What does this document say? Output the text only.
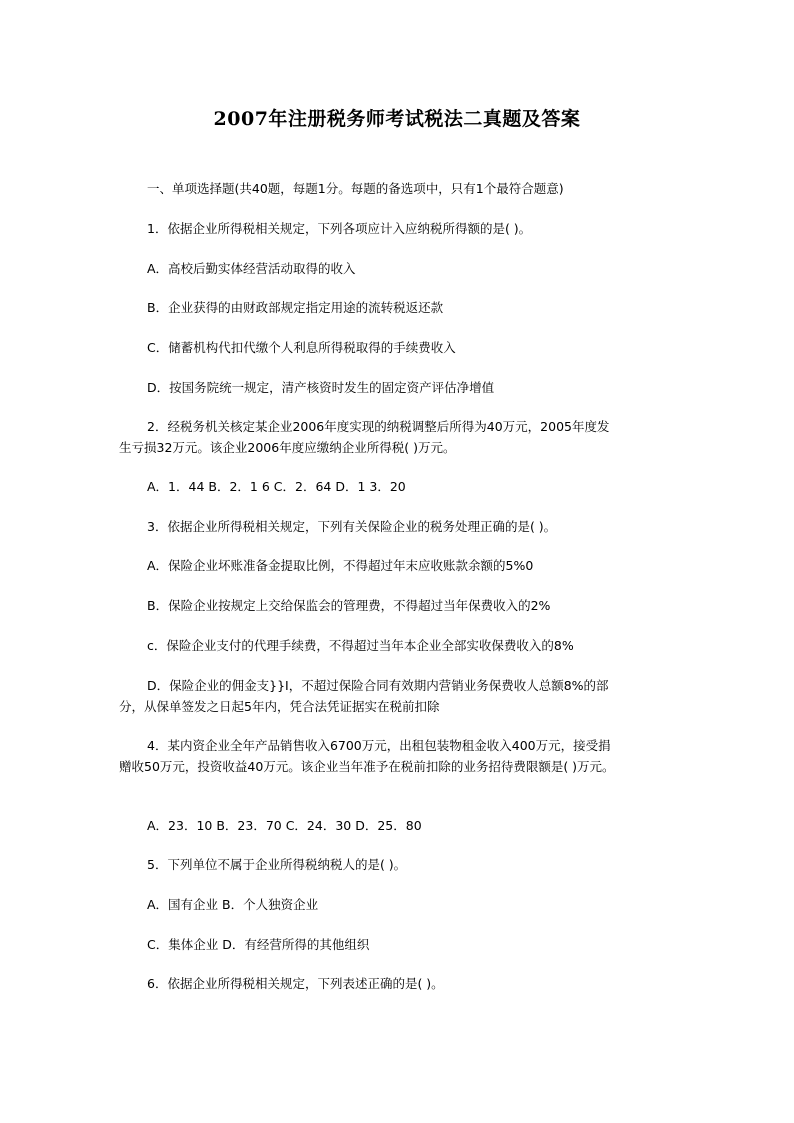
2007年注册税务师考试税法二真题及答案
一、单项选择题(共40题，每题1分。每题的备选项中，只有1个最符合题意)
1．依据企业所得税相关规定，下列各项应计入应纳税所得额的是( )。
A．高校后勤实体经营活动取得的收入
B．企业获得的由财政部规定指定用途的流转税返还款
C．储蓄机构代扣代缴个人利息所得税取得的手续费收入
D．按国务院统一规定，清产核资时发生的固定资产评估净增值
2．经税务机关核定某企业2006年度实现的纳税调整后所得为40万元，2005年度发
生亏损32万元。该企业2006年度应缴纳企业所得税( )万元。
A．1．44 B．2．1 6 C．2．64 D．1 3．20
3．依据企业所得税相关规定，下列有关保险企业的税务处理正确的是( )。
A．保险企业坏账准备金提取比例，不得超过年末应收账款余额的5%0
B．保险企业按规定上交给保监会的管理费，不得超过当年保费收入的2%
c．保险企业支付的代理手续费，不得超过当年本企业全部实收保费收入的8%
D．保险企业的佣金支}}I，不超过保险合同有效期内营销业务保费收人总额8%的部
分，从保单签发之日起5年内，凭合法凭证据实在税前扣除
4．某内资企业全年产品销售收入6700万元，出租包装物租金收入400万元，接受捐
赠收50万元，投资收益40万元。该企业当年准予在税前扣除的业务招待费限额是( )万元。
A．23．10 B．23．70 C．24．30 D．25．80
5．下列单位不属于企业所得税纳税人的是( )。
A．国有企业 B．个人独资企业
C．集体企业 D．有经营所得的其他组织
6．依据企业所得税相关规定，下列表述正确的是( )。
